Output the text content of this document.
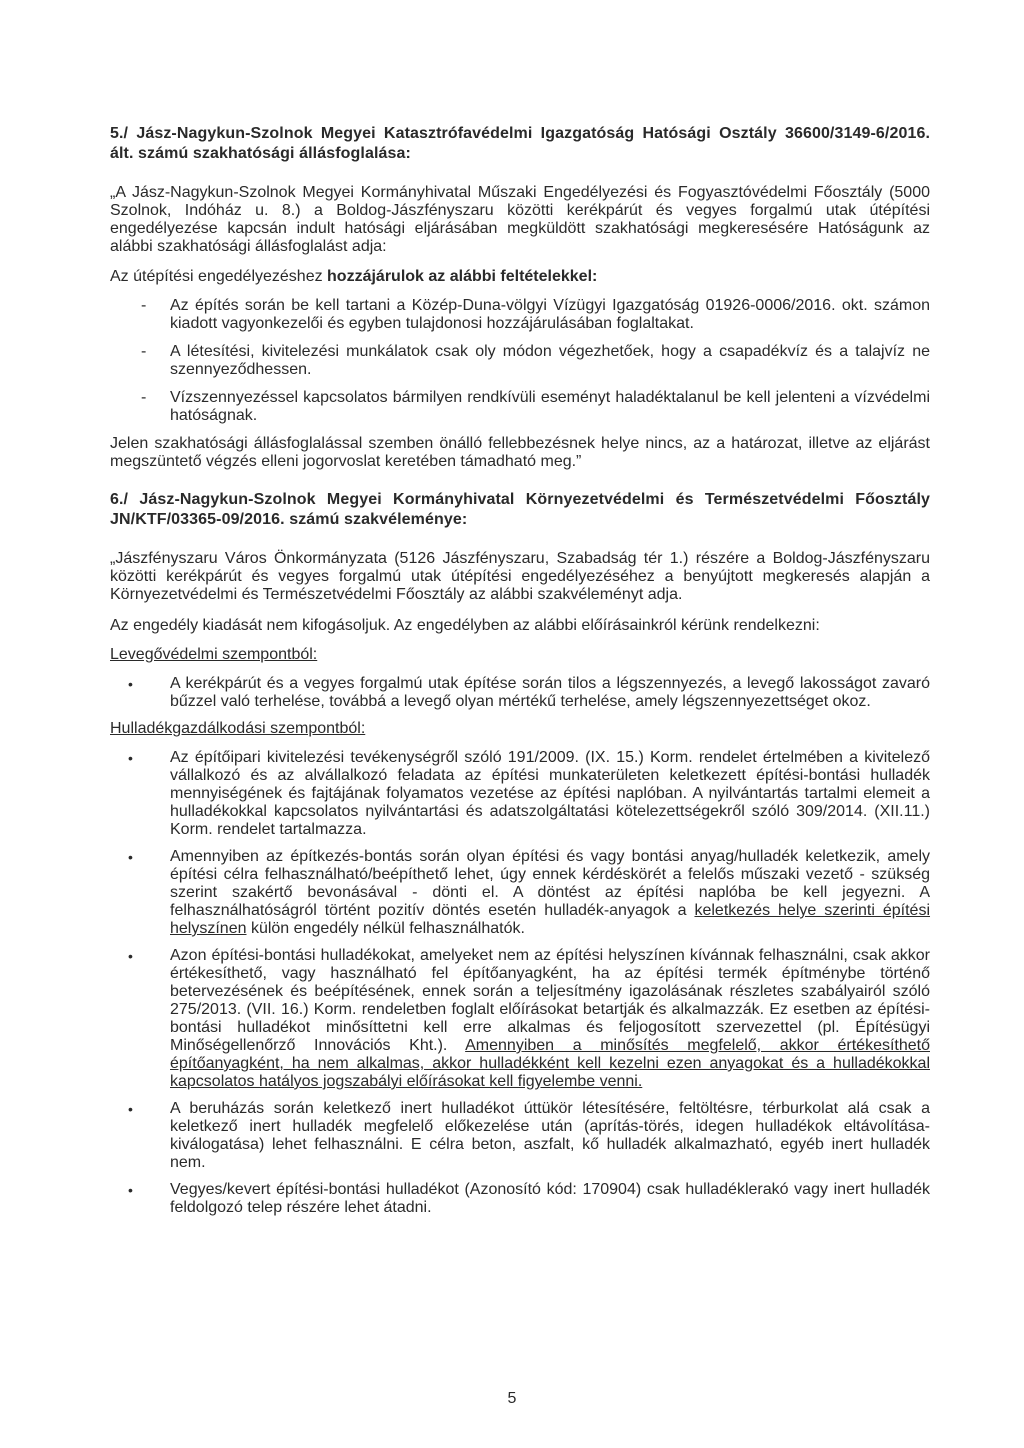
5./ Jász-Nagykun-Szolnok Megyei Katasztrófavédelmi Igazgatóság Hatósági Osztály 36600/3149-6/2016. ált. számú szakhatósági állásfoglalása:

„A Jász-Nagykun-Szolnok Megyei Kormányhivatal Műszaki Engedélyezési és Fogyasztóvédelmi Főosztály (5000 Szolnok, Indóház u. 8.) a Boldog-Jászfényszaru közötti kerékpárút és vegyes forgalmú utak útépítési engedélyezése kapcsán indult hatósági eljárásában megküldött szakhatósági megkeresésére Hatóságunk az alábbi szakhatósági állásfoglalást adja:

Az útépítési engedélyezéshez hozzájárulok az alábbi feltételekkel:

- Az építés során be kell tartani a Közép-Duna-völgyi Vízügyi Igazgatóság 01926-0006/2016. okt. számon kiadott vagyonkezelői és egyben tulajdonosi hozzájárulásában foglaltakat.
- A létesítési, kivitelezési munkálatok csak oly módon végezhetőek, hogy a csapadékvíz és a talajvíz ne szennyeződhessen.
- Vízszennyezéssel kapcsolatos bármilyen rendkívüli eseményt haladéktalanul be kell jelenteni a vízvédelmi hatóságnak.

Jelen szakhatósági állásfoglalással szemben önálló fellebbezésnek helye nincs, az a határozat, illetve az eljárást megszüntető végzés elleni jogorvoslat keretében támadható meg.”

6./ Jász-Nagykun-Szolnok Megyei Kormányhivatal Környezetvédelmi és Természetvédelmi Főosztály JN/KTF/03365-09/2016. számú szakvéleménye:

„Jászfényszaru Város Önkormányzata (5126 Jászfényszaru, Szabadság tér 1.) részére a Boldog-Jászfényszaru közötti kerékpárút és vegyes forgalmú utak útépítési engedélyezéséhez a benyújtott megkeresés alapján a Környezetvédelmi és Természetvédelmi Főosztály az alábbi szakvéleményt adja.

Az engedély kiadását nem kifogásoljuk. Az engedélyben az alábbi előírásainkról kérünk rendelkezni:

Levegővédelmi szempontból:

• A kerékpárút és a vegyes forgalmú utak építése során tilos a légszennyezés, a levegő lakosságot zavaró bűzzel való terhelése, továbbá a levegő olyan mértékű terhelése, amely légszennyezettséget okoz.

Hulladékgazdálkodási szempontból:

• Az építőipari kivitelezési tevékenységről szóló 191/2009. (IX. 15.) Korm. rendelet értelmében a kivitelező vállalkozó és az alvállalkozó feladata az építési munkaterületen keletkezett építési-bontási hulladék mennyiségének és fajtájának folyamatos vezetése az építési naplóban. A nyilvántartás tartalmi elemeit a hulladékokkal kapcsolatos nyilvántartási és adatszolgáltatási kötelezettségekről szóló 309/2014. (XII.11.) Korm. rendelet tartalmazza.
• Amennyiben az építkezés-bontás során olyan építési és vagy bontási anyag/hulladék keletkezik, amely építési célra felhasználható/beépíthető lehet, úgy ennek kérdéskörét a felelős műszaki vezető - szükség szerint szakértő bevonásával - dönti el. A döntést az építési naplóba be kell jegyezni. A felhasználhatóságról történt pozitív döntés esetén hulladék-anyagok a keletkezés helye szerinti építési helyszínen külön engedély nélkül felhasználhatók.
• Azon építési-bontási hulladékokat, amelyeket nem az építési helyszínen kívánnak felhasználni, csak akkor értékesíthető, vagy használható fel építőanyagként, ha az építési termék építménybe történő betervezésének és beépítésének, ennek során a teljesítmény igazolásának részletes szabályairól szóló 275/2013. (VII. 16.) Korm. rendeletben foglalt előírásokat betartják és alkalmazzák. Ez esetben az építési-bontási hulladékot minősíttetni kell erre alkalmas és feljogosított szervezettel (pl. Építésügyi Minőségellenőrző Innovációs Kht.). Amennyiben a minősítés megfelelő, akkor értékesíthető építőanyagként, ha nem alkalmas, akkor hulladékként kell kezelni ezen anyagokat és a hulladékokkal kapcsolatos hatályos jogszabályi előírásokat kell figyelembe venni.
• A beruházás során keletkező inert hulladékot úttükör létesítésére, feltöltésre, térburkolat alá csak a keletkező inert hulladék megfelelő előkezelése után (aprítás-törés, idegen hulladékok eltávolítása-kiválogatása) lehet felhasználni. E célra beton, aszfalt, kő hulladék alkalmazható, egyéb inert hulladék nem.
• Vegyes/kevert építési-bontási hulladékot (Azonosító kód: 170904) csak hulladéklerakó vagy inert hulladék feldolgozó telep részére lehet átadni.
5
